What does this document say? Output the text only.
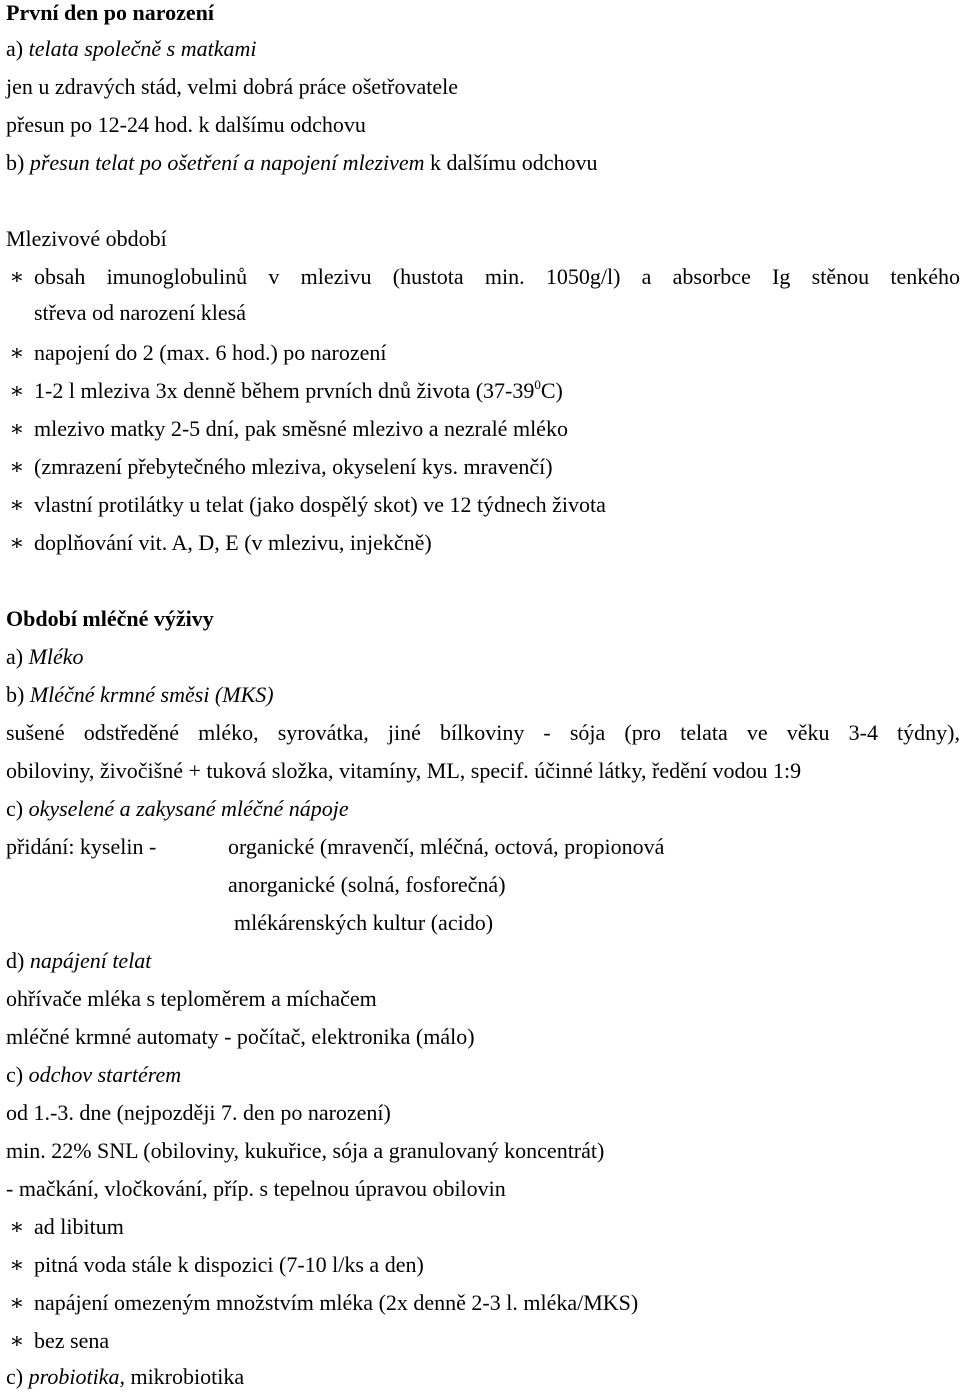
První den po narození
a) telata společně s matkami
jen u zdravých stád, velmi dobrá práce ošetřovatele
přesun po 12-24 hod. k dalšímu odchovu
b) přesun telat po ošetření a napojení mlezivem k dalšímu odchovu
Mlezivové období
∗ obsah imunoglobulinů v mlezivu (hustota min. 1050g/l) a absorbce Ig stěnou tenkého
střeva od narození klesá
∗ napojení do 2 (max. 6 hod.) po narození
∗ 1-2 l mleziva 3x denně během prvních dnů života $(37-39^0C)$
∗ mlezivo matky 2-5 dní, pak směsné mlezivo a nezralé mléko
∗ (zmrazení přebytečného mleziva, okyselení kys. mravenčí)
∗ vlastní protilátky u telat (jako dospělý skot) ve 12 týdnech života
∗ doplňování vit. A, D, E (v mlezivu, injekčně)
Období mléčné výživy
a) Mléko
b) Mléčné krmné směsi (MKS)
sušené odstředěné mléko, syrovátka, jiné bílkoviny - sója (pro telata ve věku 3-4 týdny),
obiloviny, živočišné + tuková složka, vitamíny, ML, specif. účinné látky, ředění vodou 1:9
c) okyselené a zakysané mléčné nápoje
přidání: kyselin -	organické (mravenčí, mléčná, octová, propionová
anorganické (solná, fosforečná)
mlékárenských kultur (acido)
d) napájení telat
ohřívače mléka s teploměrem a míchačem
mléčné krmné automaty - počítač, elektronika (málo)
c) odchov startérem
od 1.-3. dne (nejpozději 7. den po narození)
min. 22% SNL (obiloviny, kukuřice, sója a granulovaný koncentrát)
- mačkání, vločkování, příp. s tepelnou úpravou obilovin
∗ ad libitum
∗ pitná voda stále k dispozici (7-10 l/ks a den)
∗ napájení omezeným množstvím mléka (2x denně 2-3 l. mléka/MKS)
∗ bez sena
c) probiotika, mikrobiotika
